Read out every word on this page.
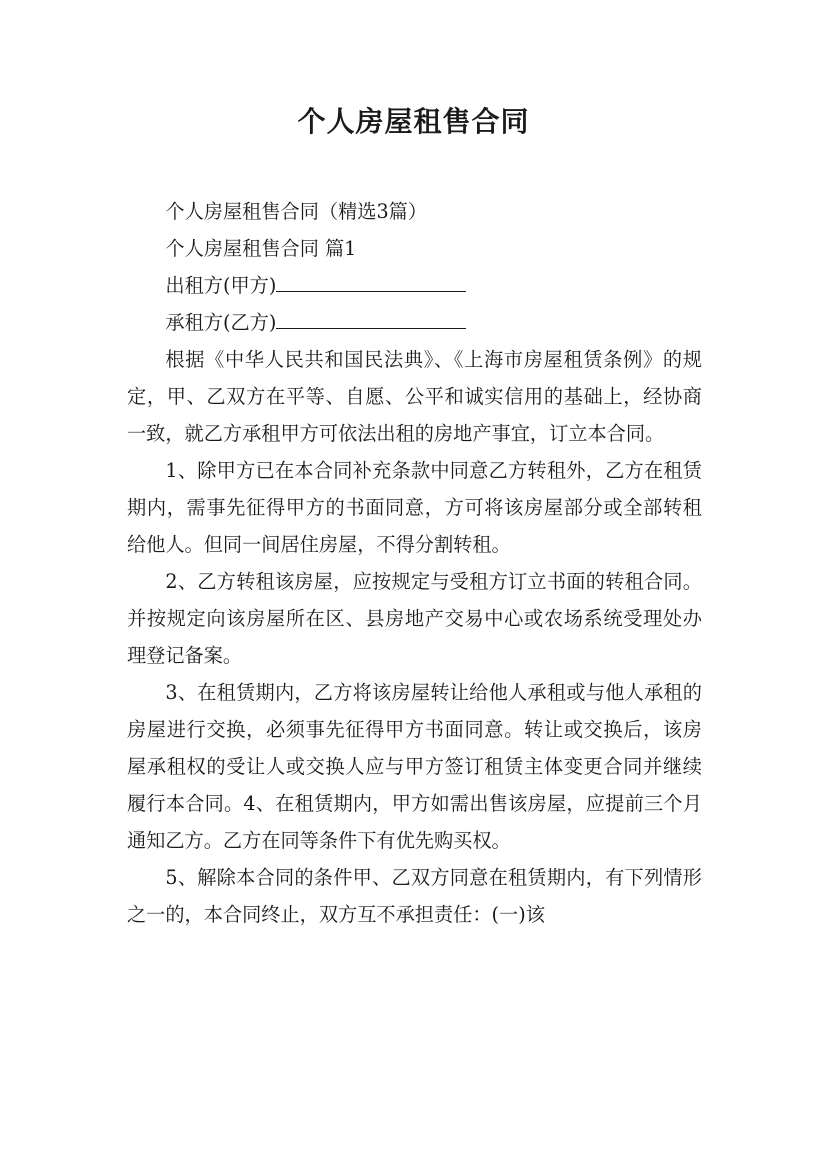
个人房屋租售合同

个人房屋租售合同（精选3篇）

个人房屋租售合同 篇1

出租方(甲方)

承租方(乙方)

根据《中华人民共和国民法典》、《上海市房屋租赁条例》的规定，甲、乙双方在平等、自愿、公平和诚实信用的基础上，经协商一致，就乙方承租甲方可依法出租的房地产事宜，订立本合同。

1、除甲方已在本合同补充条款中同意乙方转租外，乙方在租赁期内，需事先征得甲方的书面同意，方可将该房屋部分或全部转租给他人。但同一间居住房屋，不得分割转租。

2、乙方转租该房屋，应按规定与受租方订立书面的转租合同。并按规定向该房屋所在区、县房地产交易中心或农场系统受理处办理登记备案。

3、在租赁期内，乙方将该房屋转让给他人承租或与他人承租的房屋进行交换，必须事先征得甲方书面同意。转让或交换后，该房屋承租权的受让人或交换人应与甲方签订租赁主体变更合同并继续履行本合同。4、在租赁期内，甲方如需出售该房屋，应提前三个月通知乙方。乙方在同等条件下有优先购买权。

5、解除本合同的条件甲、乙双方同意在租赁期内，有下列情形之一的，本合同终止，双方互不承担责任：(一)该
